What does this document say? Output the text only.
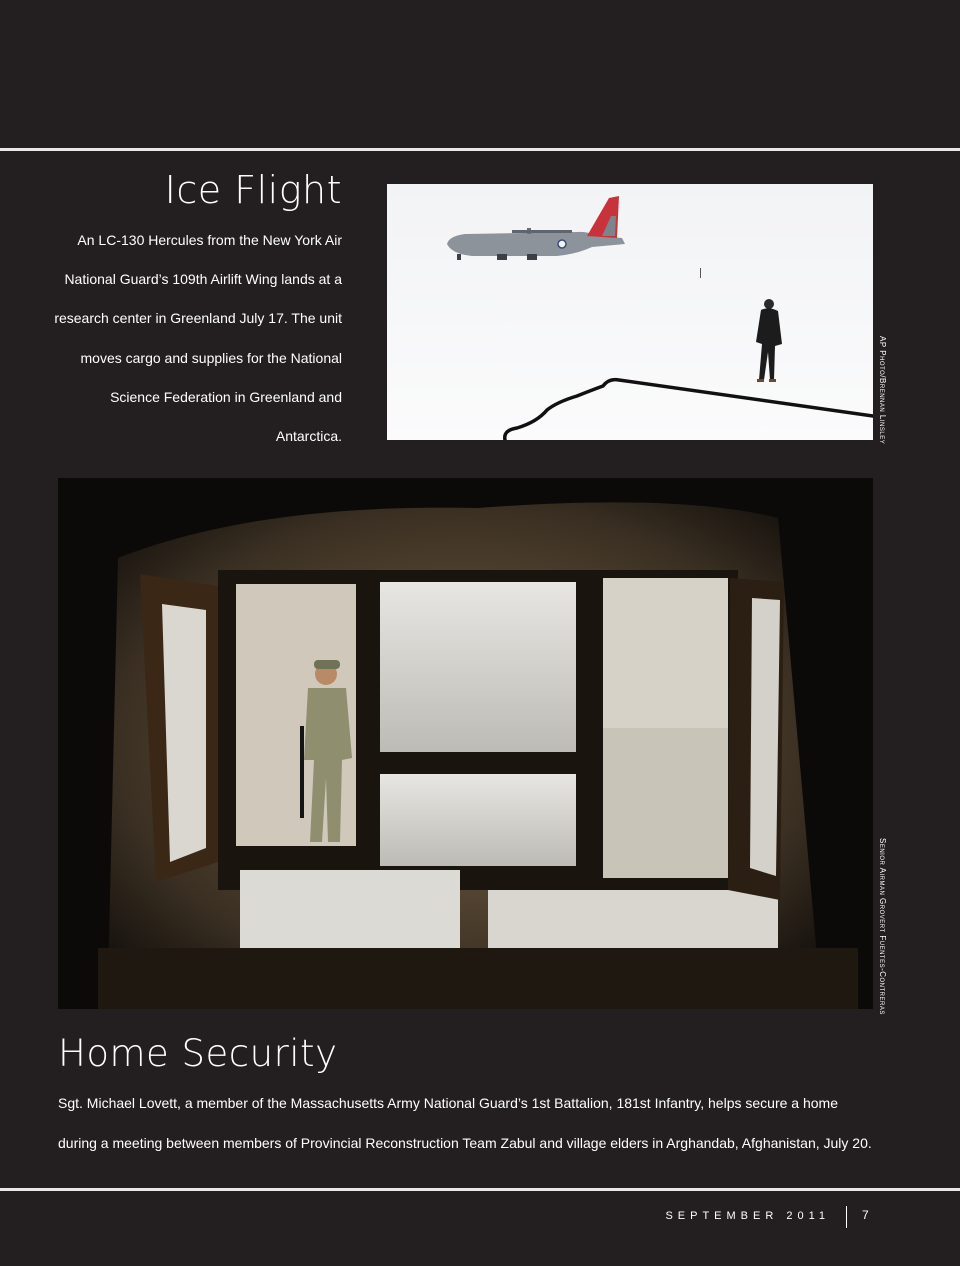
Ice Flight

An LC-130 Hercules from the New York Air National Guard’s 109th Airlift Wing lands at a research center in Greenland July 17. The unit moves cargo and supplies for the National Science Federation in Greenland and Antarctica.	AP Photo/Brennan Linsley
Senior Airman Grovert Fuentes-Contreras
Home Security

Sgt. Michael Lovett, a member of the Massachusetts Army National Guard’s 1st Battalion, 181st Infantry, helps secure a home during a meeting between members of Provincial Reconstruction Team Zabul and village elders in Arghandab, Afghanistan, July 20.

SEPTEMBER 2011	7
